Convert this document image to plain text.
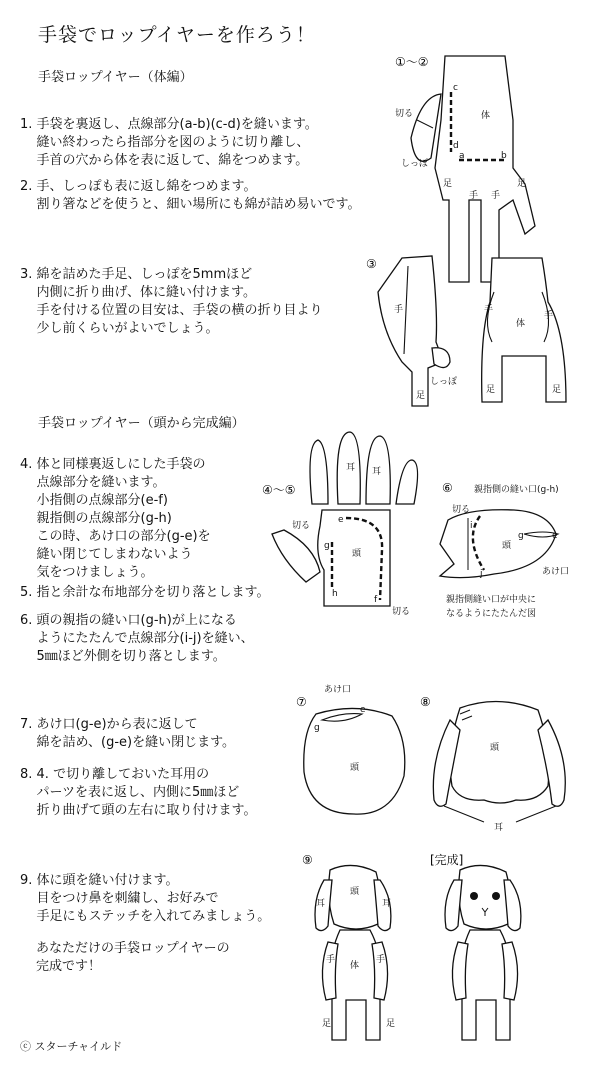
手袋でロップイヤーを作ろう！
手袋ロップイヤー（体編）
手袋ロップイヤー（頭から完成編）
1. 手袋を裏返し、点線部分(a-b)(c-d)を縫います。
縫い終わったら指部分を図のように切り離し、
手首の穴から体を表に返して、綿をつめます。
2. 手、しっぽも表に返し綿をつめます。
割り箸などを使うと、細い場所にも綿が詰め易いです。
3. 綿を詰めた手足、しっぽを5mmほど
内側に折り曲げ、体に縫い付けます。
手を付ける位置の目安は、手袋の横の折り目より
少し前くらいがよいでしょう。
4. 体と同様裏返しにした手袋の
点線部分を縫います。
小指側の点線部分(e-f)
親指側の点線部分(g-h)
この時、あけ口の部分(g-e)を
縫い閉じてしまわないよう
気をつけましょう。
5. 指と余計な布地部分を切り落とします。
6. 頭の親指の縫い口(g-h)が上になる
ようにたたんで点線部分(i-j)を縫い、
5㎜ほど外側を切り落とします。
7. あけ口(g-e)から表に返して
綿を詰め、(g-e)を縫い閉じます。
8. 4. で切り離しておいた耳用の
パーツを表に返し、内側に5㎜ほど
折り曲げて頭の左右に取り付けます。
9. 体に頭を縫い付けます。
目をつけ鼻を刺繍し、お好みで
手足にもステッチを入れてみましょう。
あなただけの手袋ロップイヤーの
完成です！
ⓒ スターチャイルド
①～②
c
d
a	b
体
切る
しっぽ
足
手 手
足
③
手
しっぽ
足
手
体
手
足	足
耳 耳
④～⑤
e
f
g
h
頭
切る
切る
⑥ 親指側の縫い口(g-h)
g	e
i
j
頭
切る
あけ口
親指側縫い口が中央に
なるようにたたんだ図
⑦
あけ口
g
e
頭
⑧
頭
耳
⑨
頭
耳	耳
手
体
手
足	足
[完成]
